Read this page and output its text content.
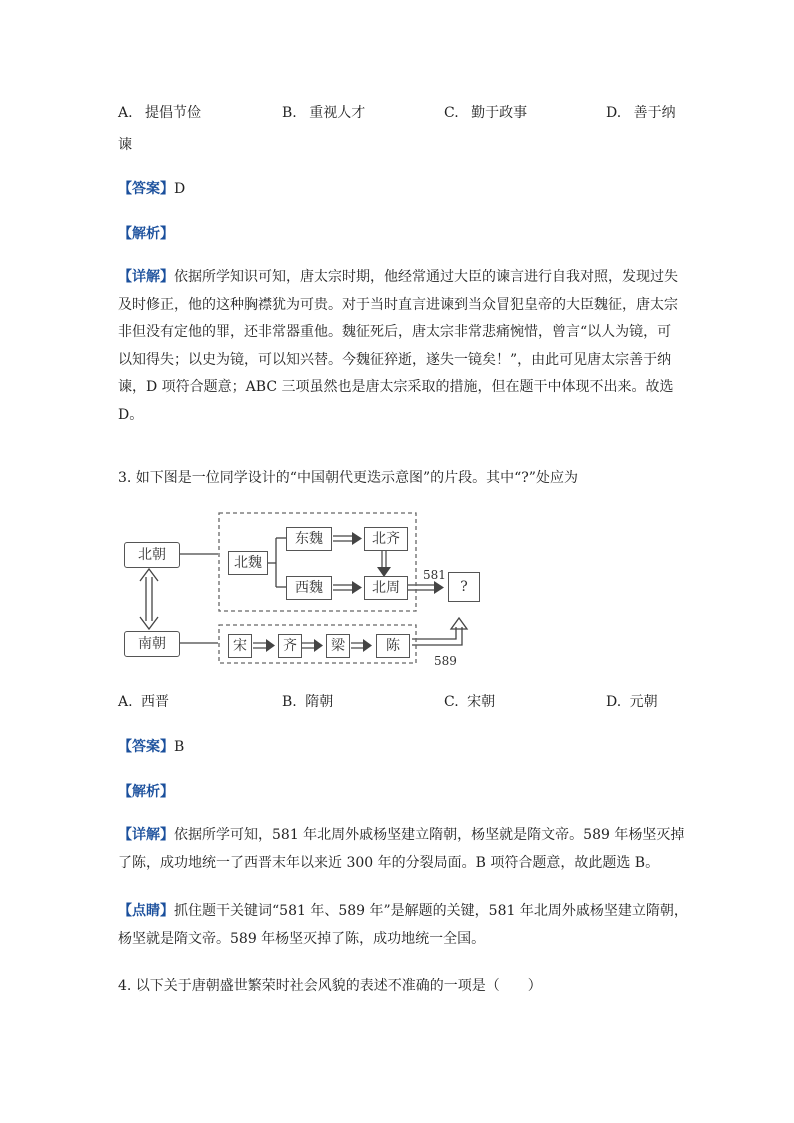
A. 提倡节俭	B. 重视人才	C. 勤于政事	D. 善于纳
谏
【答案】D
【解析】
【详解】依据所学知识可知，唐太宗时期，他经常通过大臣的谏言进行自我对照，发现过失
及时修正，他的这种胸襟犹为可贵。对于当时直言进谏到当众冒犯皇帝的大臣魏征，唐太宗
非但没有定他的罪，还非常器重他。魏征死后，唐太宗非常悲痛惋惜，曾言“以人为镜，可
以知得失；以史为镜，可以知兴替。今魏征猝逝，遂失一镜矣！”，由此可见唐太宗善于纳
谏，D 项符合题意；ABC 三项虽然也是唐太宗采取的措施，但在题干中体现不出来。故选
D。
3. 如下图是一位同学设计的“中国朝代更迭示意图”的片段。其中“?”处应为
581
589
北朝
南朝
北魏
东魏	北齐
西魏	北周	?
宋	齐	梁	陈
A. 西晋	B. 隋朝	C. 宋朝	D. 元朝
【答案】B
【解析】
【详解】依据所学可知，581 年北周外戚杨坚建立隋朝，杨坚就是隋文帝。589 年杨坚灭掉
了陈，成功地统一了西晋末年以来近 300 年的分裂局面。B 项符合题意，故此题选 B。
【点睛】抓住题干关键词“581 年、589 年”是解题的关键，581 年北周外戚杨坚建立隋朝，
杨坚就是隋文帝。589 年杨坚灭掉了陈，成功地统一全国。
4. 以下关于唐朝盛世繁荣时社会风貌的表述不准确的一项是（　　）
